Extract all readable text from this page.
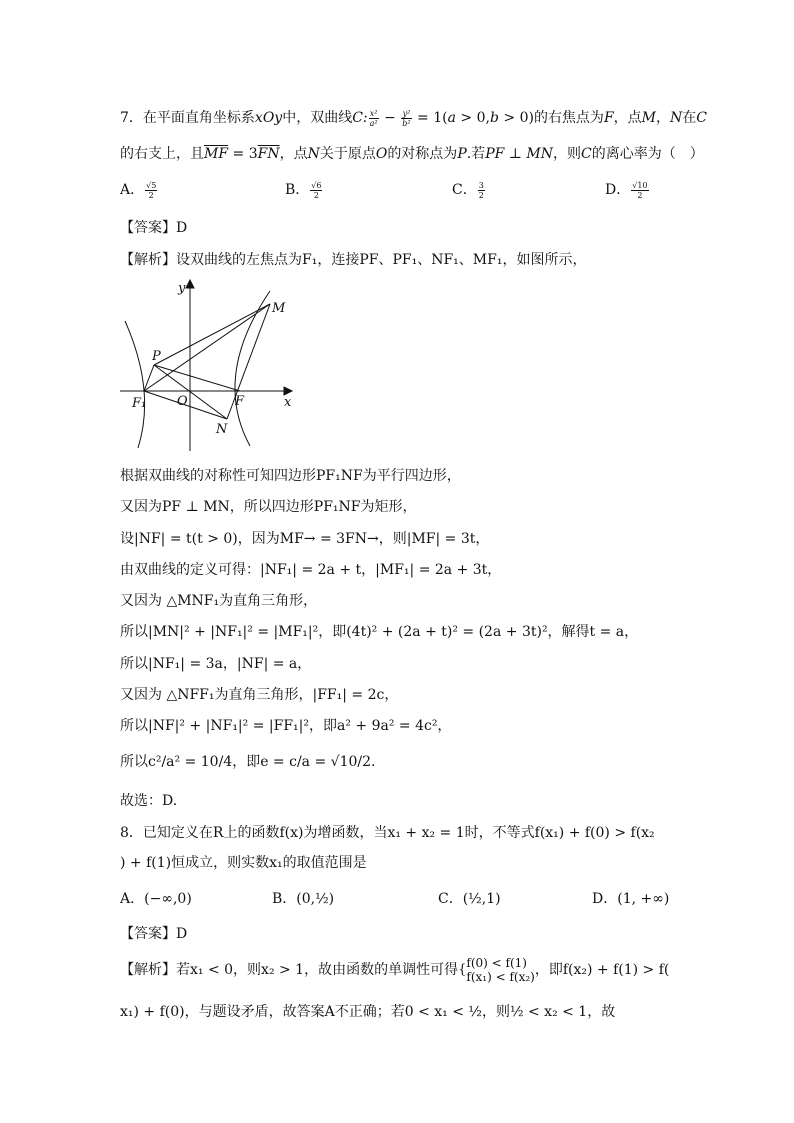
7．在平面直角坐标系xOy中，双曲线C: $\frac{\text{x²}}{\text{a²}} - \frac{\text{y²}}{\text{b²}} = 1(a > 0,b > 0)$的右焦点为F，点M，N在C
的右支上，且$\overline{MF} = 3\overline{FN}$，点N关于原点O的对称点为P.若PF ⊥ MN，则C的离心率为（　）
A． $\frac{√5}{2}$	B． $\frac{√6}{2}$	C． $\frac{3}{2}$	D． $\frac{√10}{2}$
【答案】D
【解析】设双曲线的左焦点为F₁，连接PF、PF₁、NF₁、MF₁，如图所示，
y
x
M
P
F₁ O	F
N
根据双曲线的对称性可知四边形PF₁NF为平行四边形，
又因为PF ⊥ MN，所以四边形PF₁NF为矩形，
设|NF| = t(t > 0)，因为MF→ = 3FN→，则|MF| = 3t，
由双曲线的定义可得：|NF₁| = 2a + t，|MF₁| = 2a + 3t，
又因为 △MNF₁为直角三角形，
所以|MN|² + |NF₁|² = |MF₁|²，即(4t)² + (2a + t)² = (2a + 3t)²，解得t = a，
所以|NF₁| = 3a，|NF| = a，
又因为 △NFF₁为直角三角形，|FF₁| = 2c，
所以|NF|² + |NF₁|² = |FF₁|²，即a² + 9a² = 4c²，
所以c²/a² = 10/4，即e = c/a = √10/2.
故选：D.
8．已知定义在R上的函数f(x)为增函数，当x₁ + x₂ = 1时，不等式f(x₁) + f(0) > f(x₂
) + f(1)恒成立，则实数x₁的取值范围是
A．(−∞,0)	B．(0,½)	C．(½,1)	D．(1, +∞)
【答案】D
【解析】若x₁ < 0，则x₂ > 1，故由函数的单调性可得{ f(0) < f(1)
f(x₁) < f(x₂) ，即f(x₂) + f(1) > f(
x₁) + f(0)，与题设矛盾，故答案A不正确；若0 < x₁ < ½，则½ < x₂ < 1，故
